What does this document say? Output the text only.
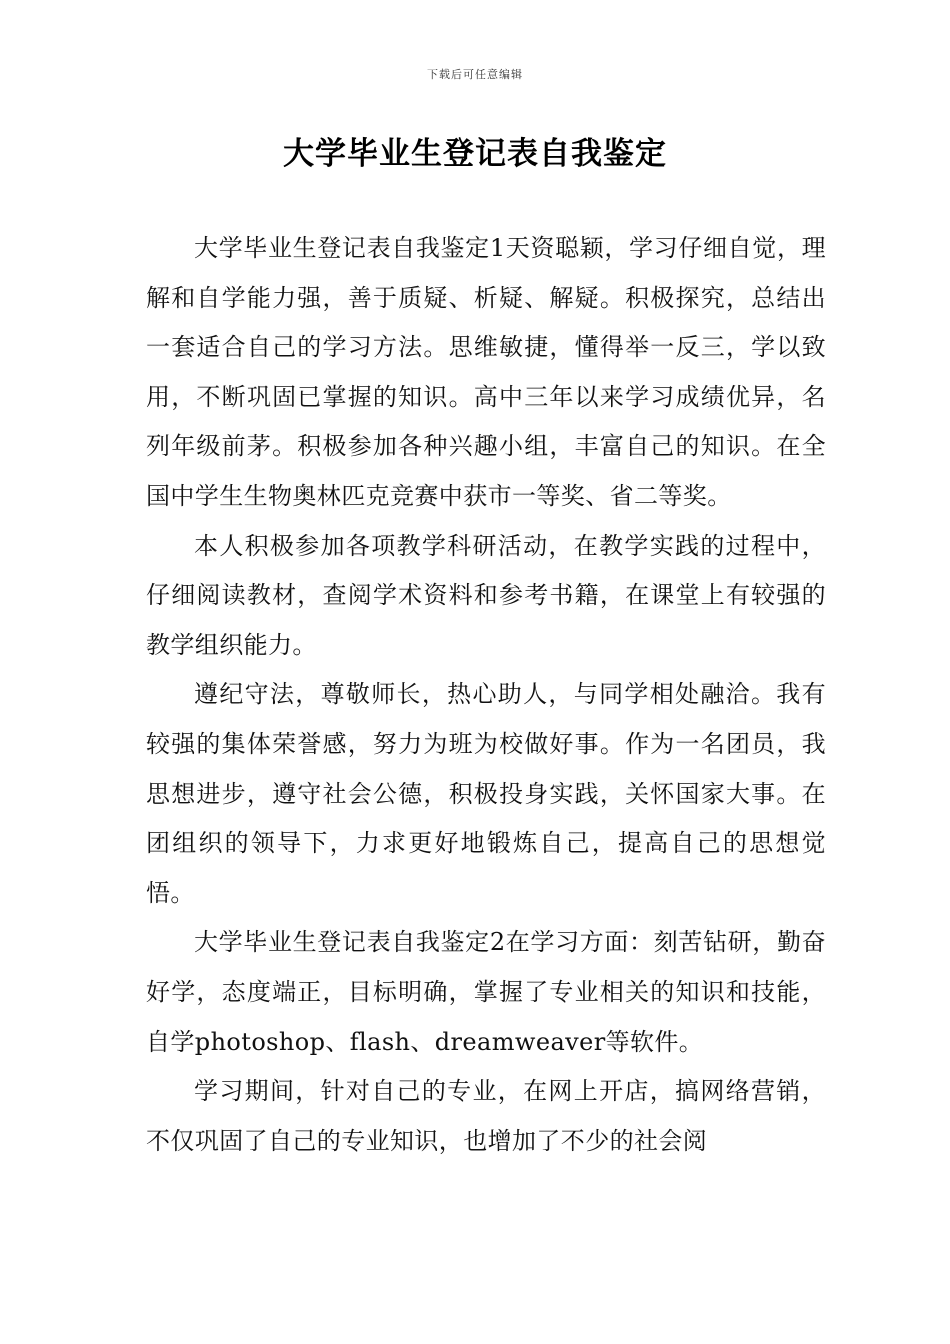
下载后可任意编辑
大学毕业生登记表自我鉴定

大学毕业生登记表自我鉴定1天资聪颖，学习仔细自觉，理解和自学能力强，善于质疑、析疑、解疑。积极探究，总结出一套适合自己的学习方法。思维敏捷，懂得举一反三，学以致用，不断巩固已掌握的知识。高中三年以来学习成绩优异，名列年级前茅。积极参加各种兴趣小组，丰富自己的知识。在全国中学生生物奥林匹克竞赛中获市一等奖、省二等奖。

本人积极参加各项教学科研活动，在教学实践的过程中，仔细阅读教材，查阅学术资料和参考书籍，在课堂上有较强的教学组织能力。

遵纪守法，尊敬师长，热心助人，与同学相处融洽。我有较强的集体荣誉感，努力为班为校做好事。作为一名团员，我思想进步，遵守社会公德，积极投身实践，关怀国家大事。在团组织的领导下，力求更好地锻炼自己，提高自己的思想觉悟。

大学毕业生登记表自我鉴定2在学习方面：刻苦钻研，勤奋好学，态度端正，目标明确，掌握了专业相关的知识和技能，自学photoshop、flash、dreamweaver等软件。

学习期间，针对自己的专业，在网上开店，搞网络营销，不仅巩固了自己的专业知识，也增加了不少的社会阅
